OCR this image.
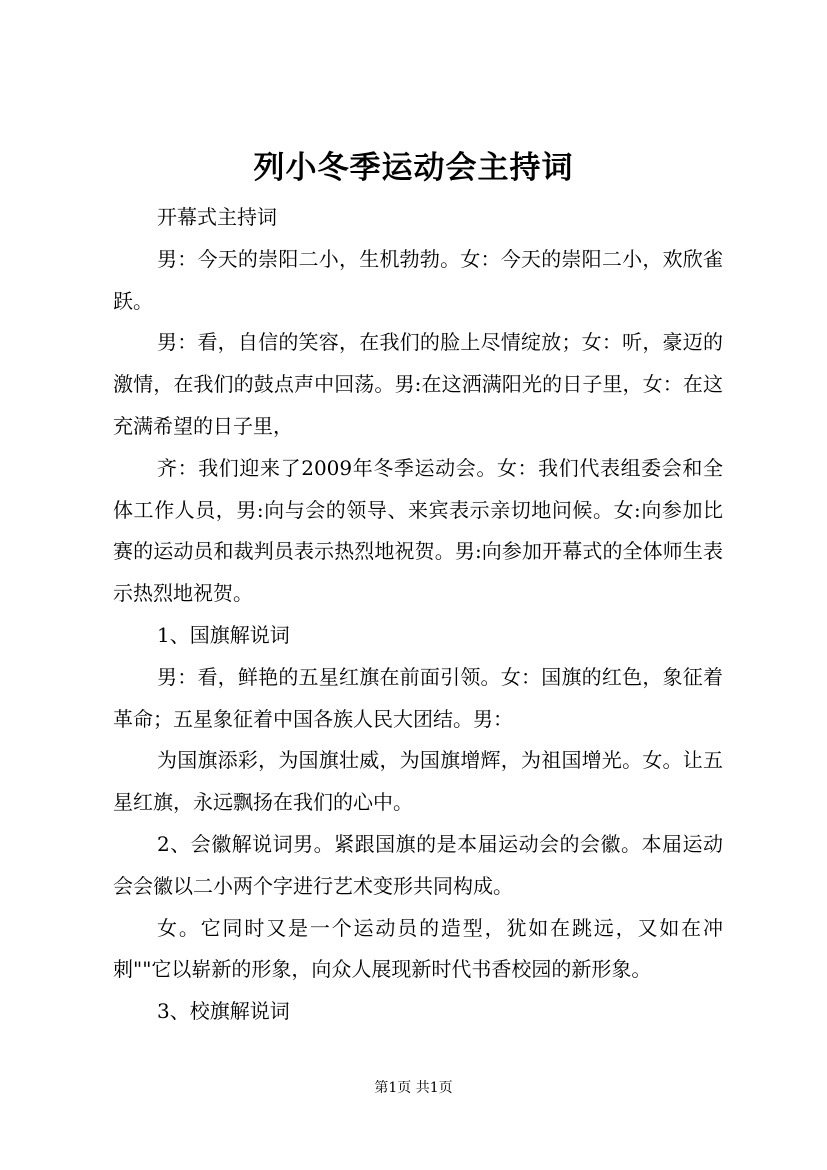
列小冬季运动会主持词

开幕式主持词

男：今天的崇阳二小，生机勃勃。女：今天的崇阳二小，欢欣雀跃。

男：看，自信的笑容，在我们的脸上尽情绽放；女：听，豪迈的激情，在我们的鼓点声中回荡。男:在这洒满阳光的日子里，女：在这充满希望的日子里，

齐：我们迎来了2009年冬季运动会。女：我们代表组委会和全体工作人员，男:向与会的领导、来宾表示亲切地问候。女:向参加比赛的运动员和裁判员表示热烈地祝贺。男:向参加开幕式的全体师生表示热烈地祝贺。

1、国旗解说词

男：看，鲜艳的五星红旗在前面引领。女：国旗的红色，象征着革命；五星象征着中国各族人民大团结。男：

为国旗添彩，为国旗壮威，为国旗增辉，为祖国增光。女。让五星红旗，永远飘扬在我们的心中。

2、会徽解说词男。紧跟国旗的是本届运动会的会徽。本届运动会会徽以二小两个字进行艺术变形共同构成。

女。它同时又是一个运动员的造型，犹如在跳远，又如在冲刺""它以崭新的形象，向众人展现新时代书香校园的新形象。

3、校旗解说词

第1页 共1页
